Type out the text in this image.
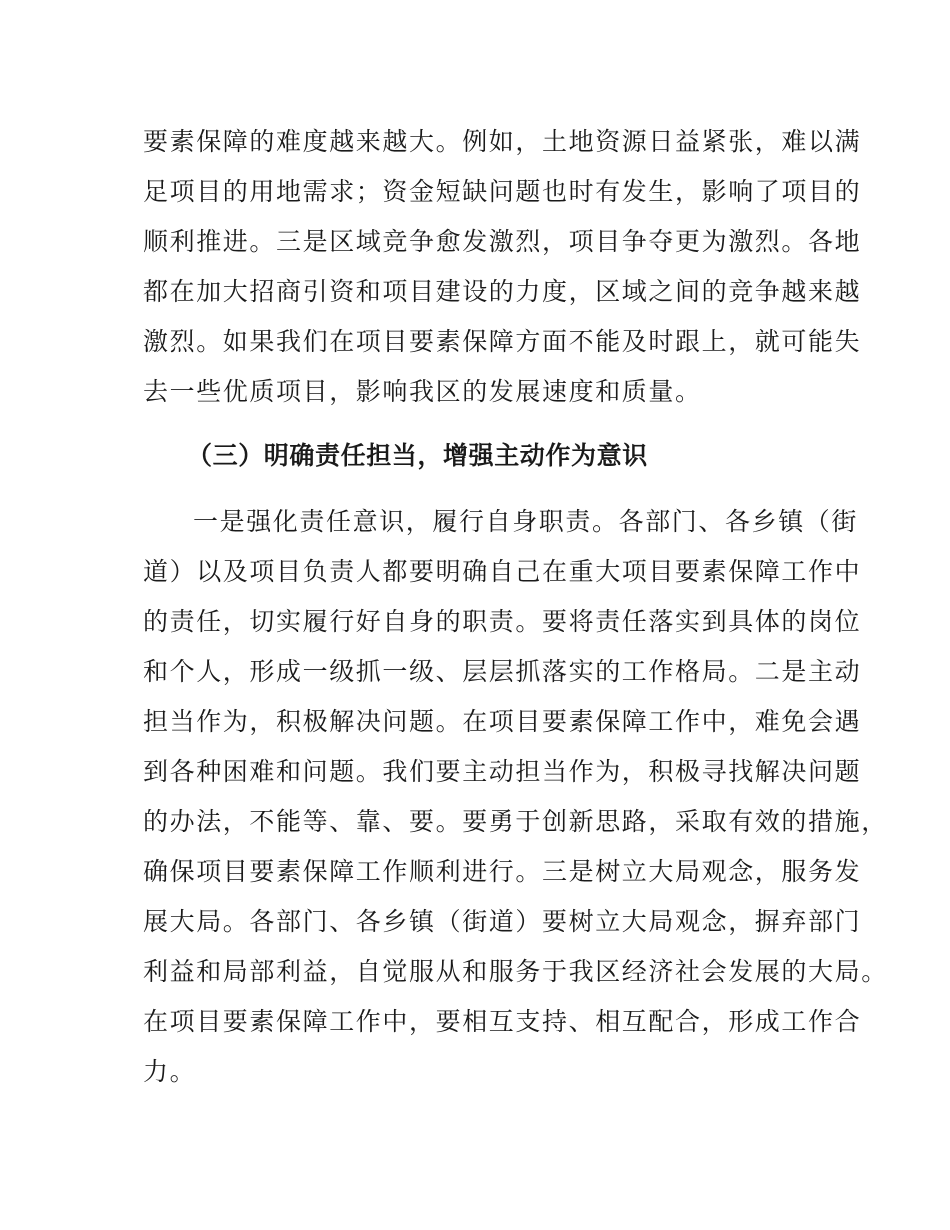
要素保障的难度越来越大。例如，土地资源日益紧张，难以满
足项目的用地需求；资金短缺问题也时有发生，影响了项目的
顺利推进。三是区域竞争愈发激烈，项目争夺更为激烈。各地
都在加大招商引资和项目建设的力度，区域之间的竞争越来越
激烈。如果我们在项目要素保障方面不能及时跟上，就可能失
去一些优质项目，影响我区的发展速度和质量。
（三）明确责任担当，增强主动作为意识
一是强化责任意识，履行自身职责。各部门、各乡镇（街
道）以及项目负责人都要明确自己在重大项目要素保障工作中
的责任，切实履行好自身的职责。要将责任落实到具体的岗位
和个人，形成一级抓一级、层层抓落实的工作格局。二是主动
担当作为，积极解决问题。在项目要素保障工作中，难免会遇
到各种困难和问题。我们要主动担当作为，积极寻找解决问题
的办法，不能等、靠、要。要勇于创新思路，采取有效的措施，
确保项目要素保障工作顺利进行。三是树立大局观念，服务发
展大局。各部门、各乡镇（街道）要树立大局观念，摒弃部门
利益和局部利益，自觉服从和服务于我区经济社会发展的大局。
在项目要素保障工作中，要相互支持、相互配合，形成工作合
力。
